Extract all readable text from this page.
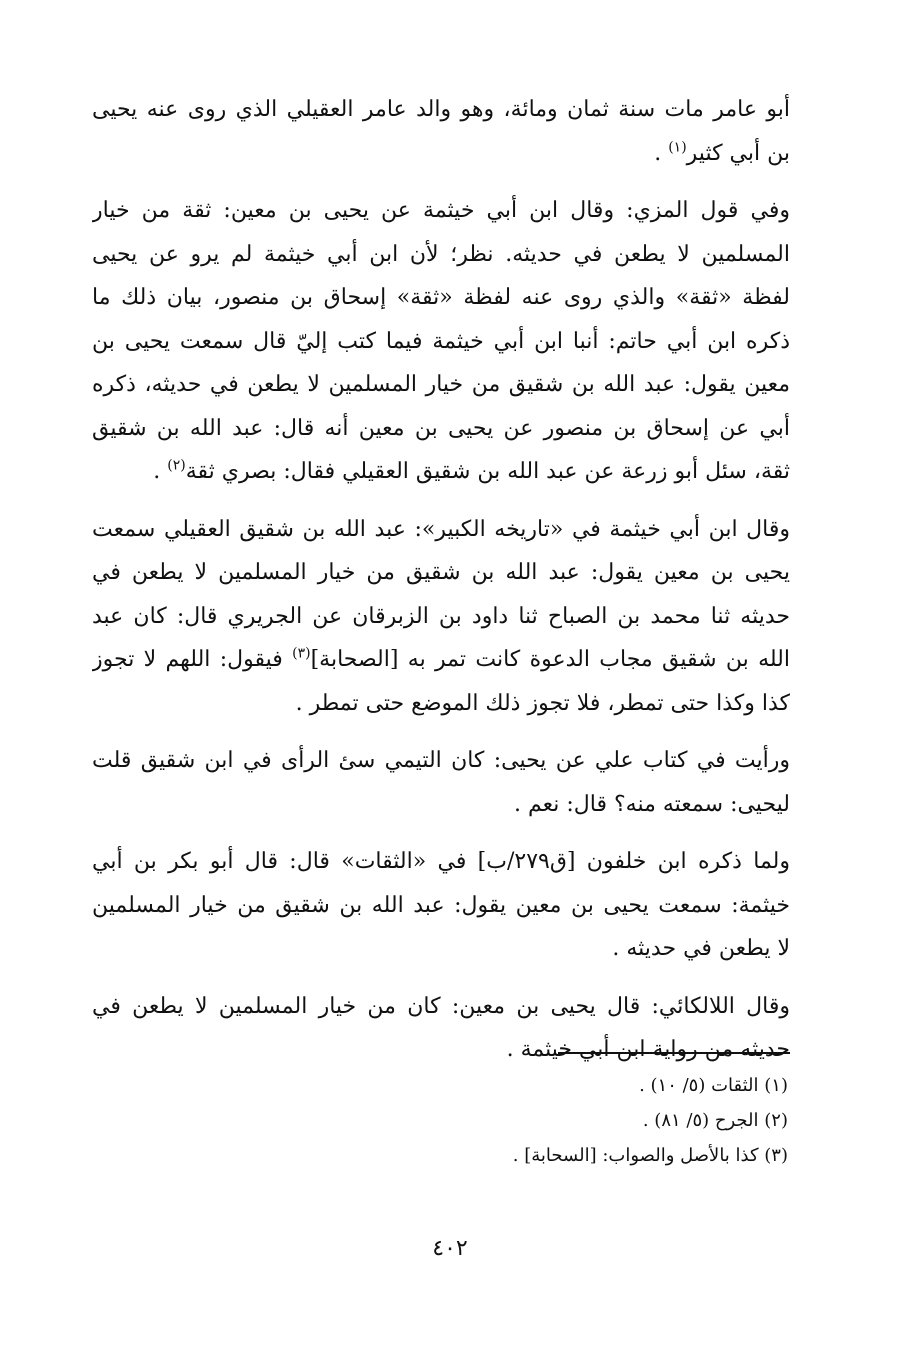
أبو عامر مات سنة ثمان ومائة، وهو والد عامر العقيلي الذي روى عنه يحيى
بن أبي كثير$^{(١)}$ .
وفي قول المزي: وقال ابن أبي خيثمة عن يحيى بن معين: ثقة من خيار
المسلمين لا يطعن في حديثه. نظر؛ لأن ابن أبي خيثمة لم يرو عن يحيى
لفظة «ثقة» والذي روى عنه لفظة «ثقة» إسحاق بن منصور، بيان ذلك ما
ذكره ابن أبي حاتم: أنبا ابن أبي خيثمة فيما كتب إليّ قال سمعت يحيى بن
معين يقول: عبد الله بن شقيق من خيار المسلمين لا يطعن في حديثه، ذكره
أبي عن إسحاق بن منصور عن يحيى بن معين أنه قال: عبد الله بن شقيق
ثقة، سئل أبو زرعة عن عبد الله بن شقيق العقيلي فقال: بصري ثقة$^{(٢)}$ .
وقال ابن أبي خيثمة في «تاريخه الكبير»: عبد الله بن شقيق العقيلي سمعت
يحيى بن معين يقول: عبد الله بن شقيق من خيار المسلمين لا يطعن في
حديثه ثنا محمد بن الصباح ثنا داود بن الزبرقان عن الجريري قال: كان عبد
الله بن شقيق مجاب الدعوة كانت تمر به [الصحابة]$^{(٣)}$ فيقول: اللهم لا تجوز
كذا وكذا حتى تمطر، فلا تجوز ذلك الموضع حتى تمطر .
ورأيت في كتاب علي عن يحيى: كان التيمي سئ الرأى في ابن شقيق قلت
ليحيى: سمعته منه؟ قال: نعم .
ولما ذكره ابن خلفون [ق٢٧٩/ب] في «الثقات» قال: قال أبو بكر بن أبي
خيثمة: سمعت يحيى بن معين يقول: عبد الله بن شقيق من خيار المسلمين
لا يطعن في حديثه .
وقال اللالكائي: قال يحيى بن معين: كان من خيار المسلمين لا يطعن في
حديثه من رواية ابن أبي خيثمة .
(١) الثقات (٥/ ١٠) .
(٢) الجرح (٥/ ٨١) .
(٣) كذا بالأصل والصواب: [السحابة] .
٤٠٢
